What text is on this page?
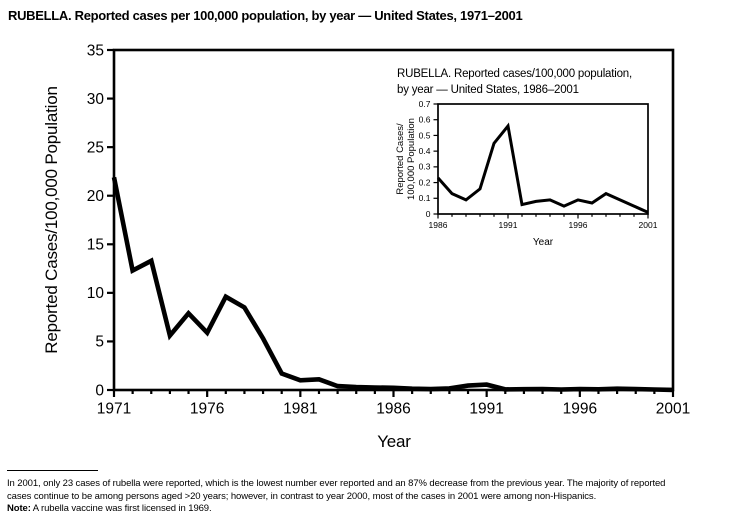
RUBELLA. Reported cases per 100,000 population, by year — United States, 1971–2001
0
5
10
15
20
25
30
35
1971	1976	1981	1986	1991	1996	2001
0
0.1
0.2
0.3
0.4
0.5
0.6
0.7
1986	1991	1996	2001
Reported Cases/100,000 Population
Year
RUBELLA. Reported cases/100,000 population,
by year — United States, 1986–2001
Reported Cases/ 100,000 Population
Year
In 2001, only 23 cases of rubella were reported, which is the lowest number ever reported and an 87% decrease from the previous year. The majority of reported
cases continue to be among persons aged >20 years; however, in contrast to year 2000, most of the cases in 2001 were among non-Hispanics.
Note: A rubella vaccine was first licensed in 1969.
